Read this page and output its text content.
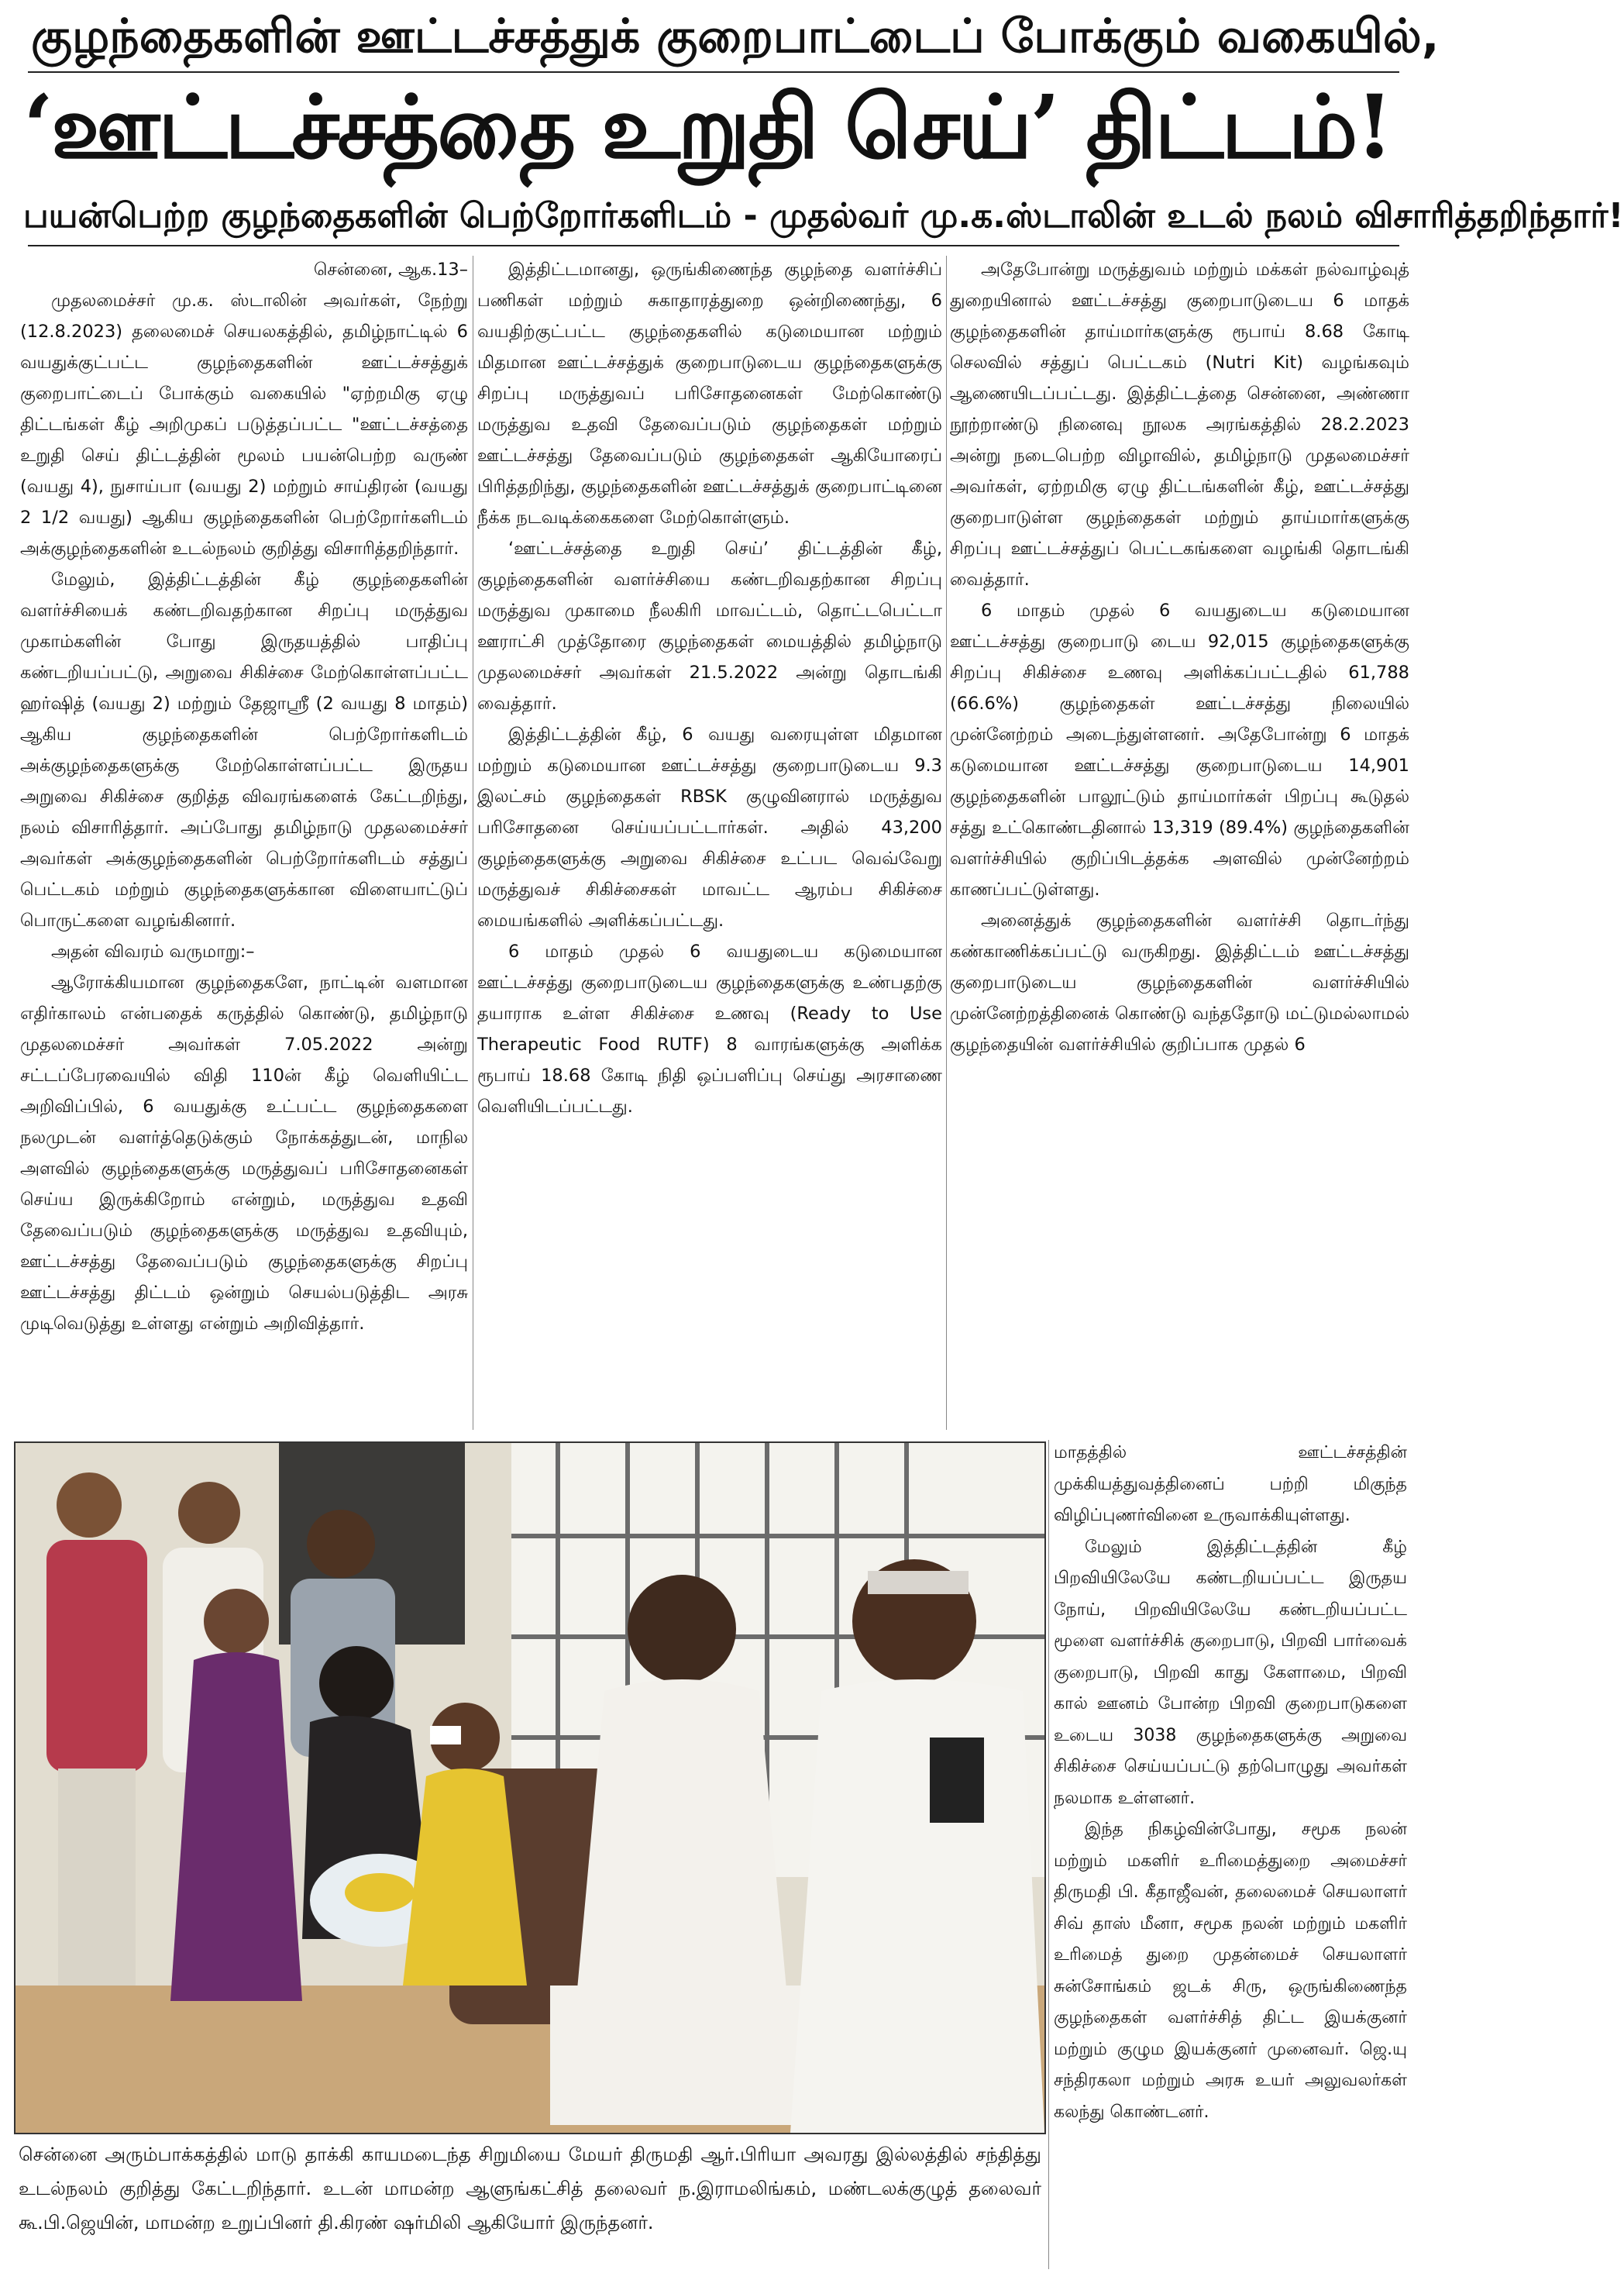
குழந்தைகளின் ஊட்டச்சத்துக் குறைபாட்டைப் போக்கும் வகையில்,
‘ஊட்டச்சத்தை உறுதி செய்’ திட்டம்!
பயன்பெற்ற குழந்தைகளின் பெற்றோர்களிடம் - முதல்வர் மு.க.ஸ்டாலின் உடல் நலம் விசாரித்தறிந்தார்!

சென்னை, ஆக.13–

முதலமைச்சர் மு.க. ஸ்டாலின் அவர்கள், நேற்று (12.8.2023) தலைமைச் செயலகத்தில், தமிழ்நாட்டில் 6 வயதுக்குட்பட்ட குழந்தைகளின் ஊட்டச்சத்துக் குறைபாட்டைப் போக்கும் வகையில் "ஏற்றமிகு ஏழு திட்டங்கள் கீழ் அறிமுகப் படுத்தப்பட்ட "ஊட்டச்சத்தை உறுதி செய் திட்டத்தின் மூலம் பயன்பெற்ற வருண் (வயது 4), நுசாய்பா (வயது 2) மற்றும் சாய்திரன் (வயது 2 1/2 வயது) ஆகிய குழந்தைகளின் பெற்றோர்களிடம் அக்குழந்தைகளின் உடல்நலம் குறித்து விசாரித்தறிந்தார்.

மேலும், இத்திட்டத்தின் கீழ் குழந்தைகளின் வளர்ச்சியைக் கண்டறிவதற்கான சிறப்பு மருத்துவ முகாம்களின் போது இருதயத்தில் பாதிப்பு கண்டறியப்பட்டு, அறுவை சிகிச்சை மேற்கொள்ளப்பட்ட ஹர்ஷித் (வயது 2) மற்றும் தேஜாஸ்ரீ (2 வயது 8 மாதம்) ஆகிய குழந்தைகளின் பெற்றோர்களிடம் அக்குழந்தைகளுக்கு மேற்கொள்ளப்பட்ட இருதய அறுவை சிகிச்சை குறித்த விவரங்களைக் கேட்டறிந்து, நலம் விசாரித்தார். அப்போது தமிழ்நாடு முதலமைச்சர் அவர்கள் அக்குழந்தைகளின் பெற்றோர்களிடம் சத்துப் பெட்டகம் மற்றும் குழந்தைகளுக்கான விளையாட்டுப் பொருட்களை வழங்கினார்.

அதன் விவரம் வருமாறு:–

ஆரோக்கியமான குழந்தைகளே, நாட்டின் வளமான எதிர்காலம் என்பதைக் கருத்தில் கொண்டு, தமிழ்நாடு முதலமைச்சர் அவர்கள் 7.05.2022 அன்று சட்டப்பேரவையில் விதி 110ன் கீழ் வெளியிட்ட அறிவிப்பில், 6 வயதுக்கு உட்பட்ட குழந்தைகளை நலமுடன் வளர்த்தெடுக்கும் நோக்கத்துடன், மாநில அளவில் குழந்தைகளுக்கு மருத்துவப் பரிசோதனைகள் செய்ய இருக்கிறோம் என்றும், மருத்துவ உதவி தேவைப்படும் குழந்தைகளுக்கு மருத்துவ உதவியும், ஊட்டச்சத்து தேவைப்படும் குழந்தைகளுக்கு சிறப்பு ஊட்டச்சத்து திட்டம் ஒன்றும் செயல்படுத்திட அரசு முடிவெடுத்து உள்ளது என்றும் அறிவித்தார்.

இத்திட்டமானது, ஒருங்கிணைந்த குழந்தை வளர்ச்சிப் பணிகள் மற்றும் சுகாதாரத்துறை ஒன்றிணைந்து, 6 வயதிற்குட்பட்ட குழந்தைகளில் கடுமையான மற்றும் மிதமான ஊட்டச்சத்துக் குறைபாடுடைய குழந்தைகளுக்கு சிறப்பு மருத்துவப் பரிசோதனைகள் மேற்கொண்டு மருத்துவ உதவி தேவைப்படும் குழந்தைகள் மற்றும் ஊட்டச்சத்து தேவைப்படும் குழந்தைகள் ஆகியோரைப் பிரித்தறிந்து, குழந்தைகளின் ஊட்டச்சத்துக் குறைபாட்டினை நீக்க நடவடிக்கைகளை மேற்கொள்ளும்.

‘ஊட்டச்சத்தை உறுதி செய்’ திட்டத்தின் கீழ், குழந்தைகளின் வளர்ச்சியை கண்டறிவதற்கான சிறப்பு மருத்துவ முகாமை நீலகிரி மாவட்டம், தொட்டபெட்டா ஊராட்சி முத்தோரை குழந்தைகள் மையத்தில் தமிழ்நாடு முதலமைச்சர் அவர்கள் 21.5.2022 அன்று தொடங்கி வைத்தார்.

இத்திட்டத்தின் கீழ், 6 வயது வரையுள்ள மிதமான மற்றும் கடுமையான ஊட்டச்சத்து குறைபாடுடைய 9.3 இலட்சம் குழந்தைகள் RBSK குழுவினரால் மருத்துவ பரிசோதனை செய்யப்பட்டார்கள். அதில் 43,200 குழந்தைகளுக்கு அறுவை சிகிச்சை உட்பட வெவ்வேறு மருத்துவச் சிகிச்சைகள் மாவட்ட ஆரம்ப சிகிச்சை மையங்களில் அளிக்கப்பட்டது.

6 மாதம் முதல் 6 வயதுடைய கடுமையான ஊட்டச்சத்து குறைபாடுடைய குழந்தைகளுக்கு உண்பதற்கு தயாராக உள்ள சிகிச்சை உணவு (Ready to Use Therapeutic Food RUTF) 8 வாரங்களுக்கு அளிக்க ரூபாய் 18.68 கோடி நிதி ஒப்பளிப்பு செய்து அரசாணை வெளியிடப்பட்டது.

அதேபோன்று மருத்துவம் மற்றும் மக்கள் நல்வாழ்வுத் துறையினால் ஊட்டச்சத்து குறைபாடுடைய 6 மாதக் குழந்தைகளின் தாய்மார்களுக்கு ரூபாய் 8.68 கோடி செலவில் சத்துப் பெட்டகம் (Nutri Kit) வழங்கவும் ஆணையிடப்பட்டது. இத்திட்டத்தை சென்னை, அண்ணா நூற்றாண்டு நினைவு நூலக அரங்கத்தில் 28.2.2023 அன்று நடைபெற்ற விழாவில், தமிழ்நாடு முதலமைச்சர் அவர்கள், ஏற்றமிகு ஏழு திட்டங்களின் கீழ், ஊட்டச்சத்து குறைபாடுள்ள குழந்தைகள் மற்றும் தாய்மார்களுக்கு சிறப்பு ஊட்டச்சத்துப் பெட்டகங்களை வழங்கி தொடங்கி வைத்தார்.

6 மாதம் முதல் 6 வயதுடைய கடுமையான ஊட்டச்சத்து குறைபாடு டைய 92,015 குழந்தைகளுக்கு சிறப்பு சிகிச்சை உணவு அளிக்கப்பட்டதில் 61,788 (66.6%) குழந்தைகள் ஊட்டச்சத்து நிலையில் முன்னேற்றம் அடைந்துள்ளனர். அதேபோன்று 6 மாதக் கடுமையான ஊட்டச்சத்து குறைபாடுடைய 14,901 குழந்தைகளின் பாலூட்டும் தாய்மார்கள் பிறப்பு கூடுதல் சத்து உட்கொண்டதினால் 13,319 (89.4%) குழந்தைகளின் வளர்ச்சியில் குறிப்பிடத்தக்க அளவில் முன்னேற்றம் காணப்பட்டுள்ளது.

அனைத்துக் குழந்தைகளின் வளர்ச்சி தொடர்ந்து கண்காணிக்கப்பட்டு வருகிறது. இத்திட்டம் ஊட்டச்சத்து குறைபாடுடைய குழந்தைகளின் வளர்ச்சியில் முன்னேற்றத்தினைக் கொண்டு வந்ததோடு மட்டுமல்லாமல் குழந்தையின் வளர்ச்சியில் குறிப்பாக முதல் 6

மாதத்தில் ஊட்டச்சத்தின் முக்கியத்துவத்தினைப் பற்றி மிகுந்த விழிப்புணர்வினை உருவாக்கியுள்ளது.

மேலும் இத்திட்டத்தின் கீழ் பிறவியிலேயே கண்டறியப்பட்ட இருதய நோய், பிறவியிலேயே கண்டறியப்பட்ட மூளை வளர்ச்சிக் குறைபாடு, பிறவி பார்வைக் குறைபாடு, பிறவி காது கேளாமை, பிறவி கால் ஊனம் போன்ற பிறவி குறைபாடுகளை உடைய 3038 குழந்தைகளுக்கு அறுவை சிகிச்சை செய்யப்பட்டு தற்பொழுது அவர்கள் நலமாக உள்ளனர்.

இந்த நிகழ்வின்போது, சமூக நலன் மற்றும் மகளிர் உரிமைத்துறை அமைச்சர் திருமதி பி. கீதாஜீவன், தலைமைச் செயலாளர் சிவ் தாஸ் மீனா, சமூக நலன் மற்றும் மகளிர் உரிமைத் துறை முதன்மைச் செயலாளர் சுன்சோங்கம் ஜடக் சிரு, ஒருங்கிணைந்த குழந்தைகள் வளர்ச்சித் திட்ட இயக்குனர் மற்றும் குழும இயக்குனர் முனைவர். ஜெ.யு சந்திரகலா மற்றும் அரசு உயர் அலுவலர்கள் கலந்து கொண்டனர்.

சென்னை அரும்பாக்கத்தில் மாடு தாக்கி காயமடைந்த சிறுமியை மேயர் திருமதி ஆர்.பிரியா அவரது இல்லத்தில் சந்தித்து உடல்நலம் குறித்து கேட்டறிந்தார். உடன் மாமன்ற ஆளுங்கட்சித் தலைவர் ந.இராமலிங்கம், மண்டலக்குழுத் தலைவர் கூ.பி.ஜெயின், மாமன்ற உறுப்பினர் தி.கிரண் ஷர்மிலி ஆகியோர் இருந்தனர்.
